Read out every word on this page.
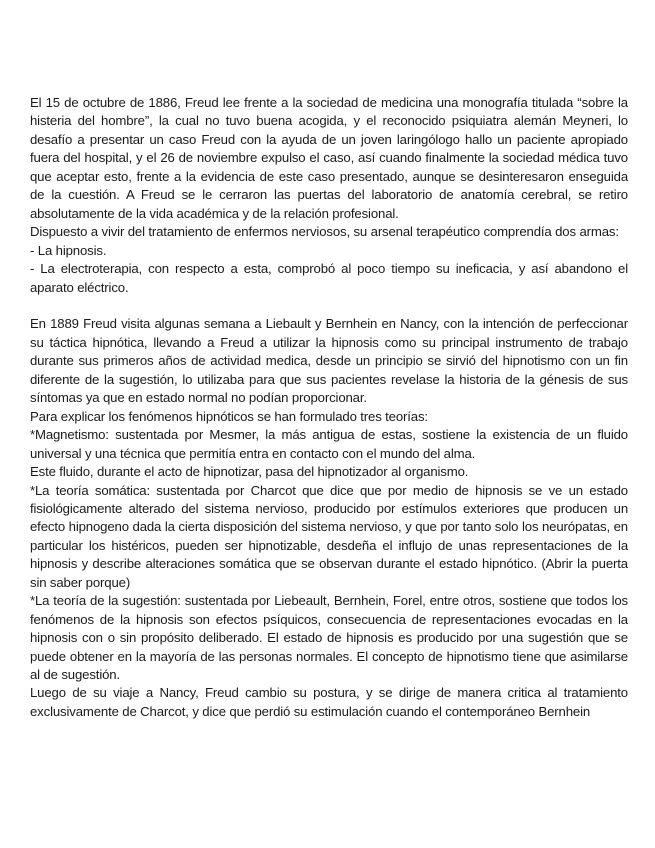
El 15 de octubre de 1886, Freud lee frente a la sociedad de medicina una monografía titulada “sobre la histeria del hombre”, la cual no tuvo buena acogida, y el reconocido psiquiatra alemán Meyneri, lo desafío a presentar un caso Freud con la ayuda de un joven laringólogo hallo un paciente apropiado fuera del hospital, y el 26 de noviembre expulso el caso, así cuando finalmente la sociedad médica tuvo que aceptar esto, frente a la evidencia de este caso presentado, aunque se desinteresaron enseguida de la cuestión. A Freud se le cerraron las puertas del laboratorio de anatomía cerebral, se retiro absolutamente de la vida académica y de la relación profesional.

Dispuesto a vivir del tratamiento de enfermos nerviosos, su arsenal terapéutico comprendía dos armas:

- La hipnosis.

- La electroterapia, con respecto a esta, comprobó al poco tiempo su ineficacia, y así abandono el aparato eléctrico.

En 1889 Freud visita algunas semana a Liebault y Bernhein en Nancy, con la intención de perfeccionar su táctica hipnótica, llevando a Freud a utilizar la hipnosis como su principal instrumento de trabajo durante sus primeros años de actividad medica, desde un principio se sirvió del hipnotismo con un fin diferente de la sugestión, lo utilizaba para que sus pacientes revelase la historia de la génesis de sus síntomas ya que en estado normal no podían proporcionar.

Para explicar los fenómenos hipnóticos se han formulado tres teorías:

*Magnetismo: sustentada por Mesmer, la más antigua de estas, sostiene la existencia de un fluido universal y una técnica que permitía entra en contacto con el mundo del alma.

Este fluido, durante el acto de hipnotizar, pasa del hipnotizador al organismo.

*La teoría somática: sustentada por Charcot que dice que por medio de hipnosis se ve un estado fisiológicamente alterado del sistema nervioso, producido por estímulos exteriores que producen un efecto hipnogeno dada la cierta disposición del sistema nervioso, y que por tanto solo los neurópatas, en particular los histéricos, pueden ser hipnotizable, desdeña el influjo de unas representaciones de la hipnosis y describe alteraciones somática que se observan durante el estado hipnótico. (Abrir la puerta sin saber porque)

*La teoría de la sugestión: sustentada por Liebeault, Bernhein, Forel, entre otros, sostiene que todos los fenómenos de la hipnosis son efectos psíquicos, consecuencia de representaciones evocadas en la hipnosis con o sin propósito deliberado. El estado de hipnosis es producido por una sugestión que se puede obtener en la mayoría de las personas normales. El concepto de hipnotismo tiene que asimilarse al de sugestión.

Luego de su viaje a Nancy, Freud cambio su postura, y se dirige de manera critica al tratamiento exclusivamente de Charcot, y dice que perdió su estimulación cuando el contemporáneo Bernhein
